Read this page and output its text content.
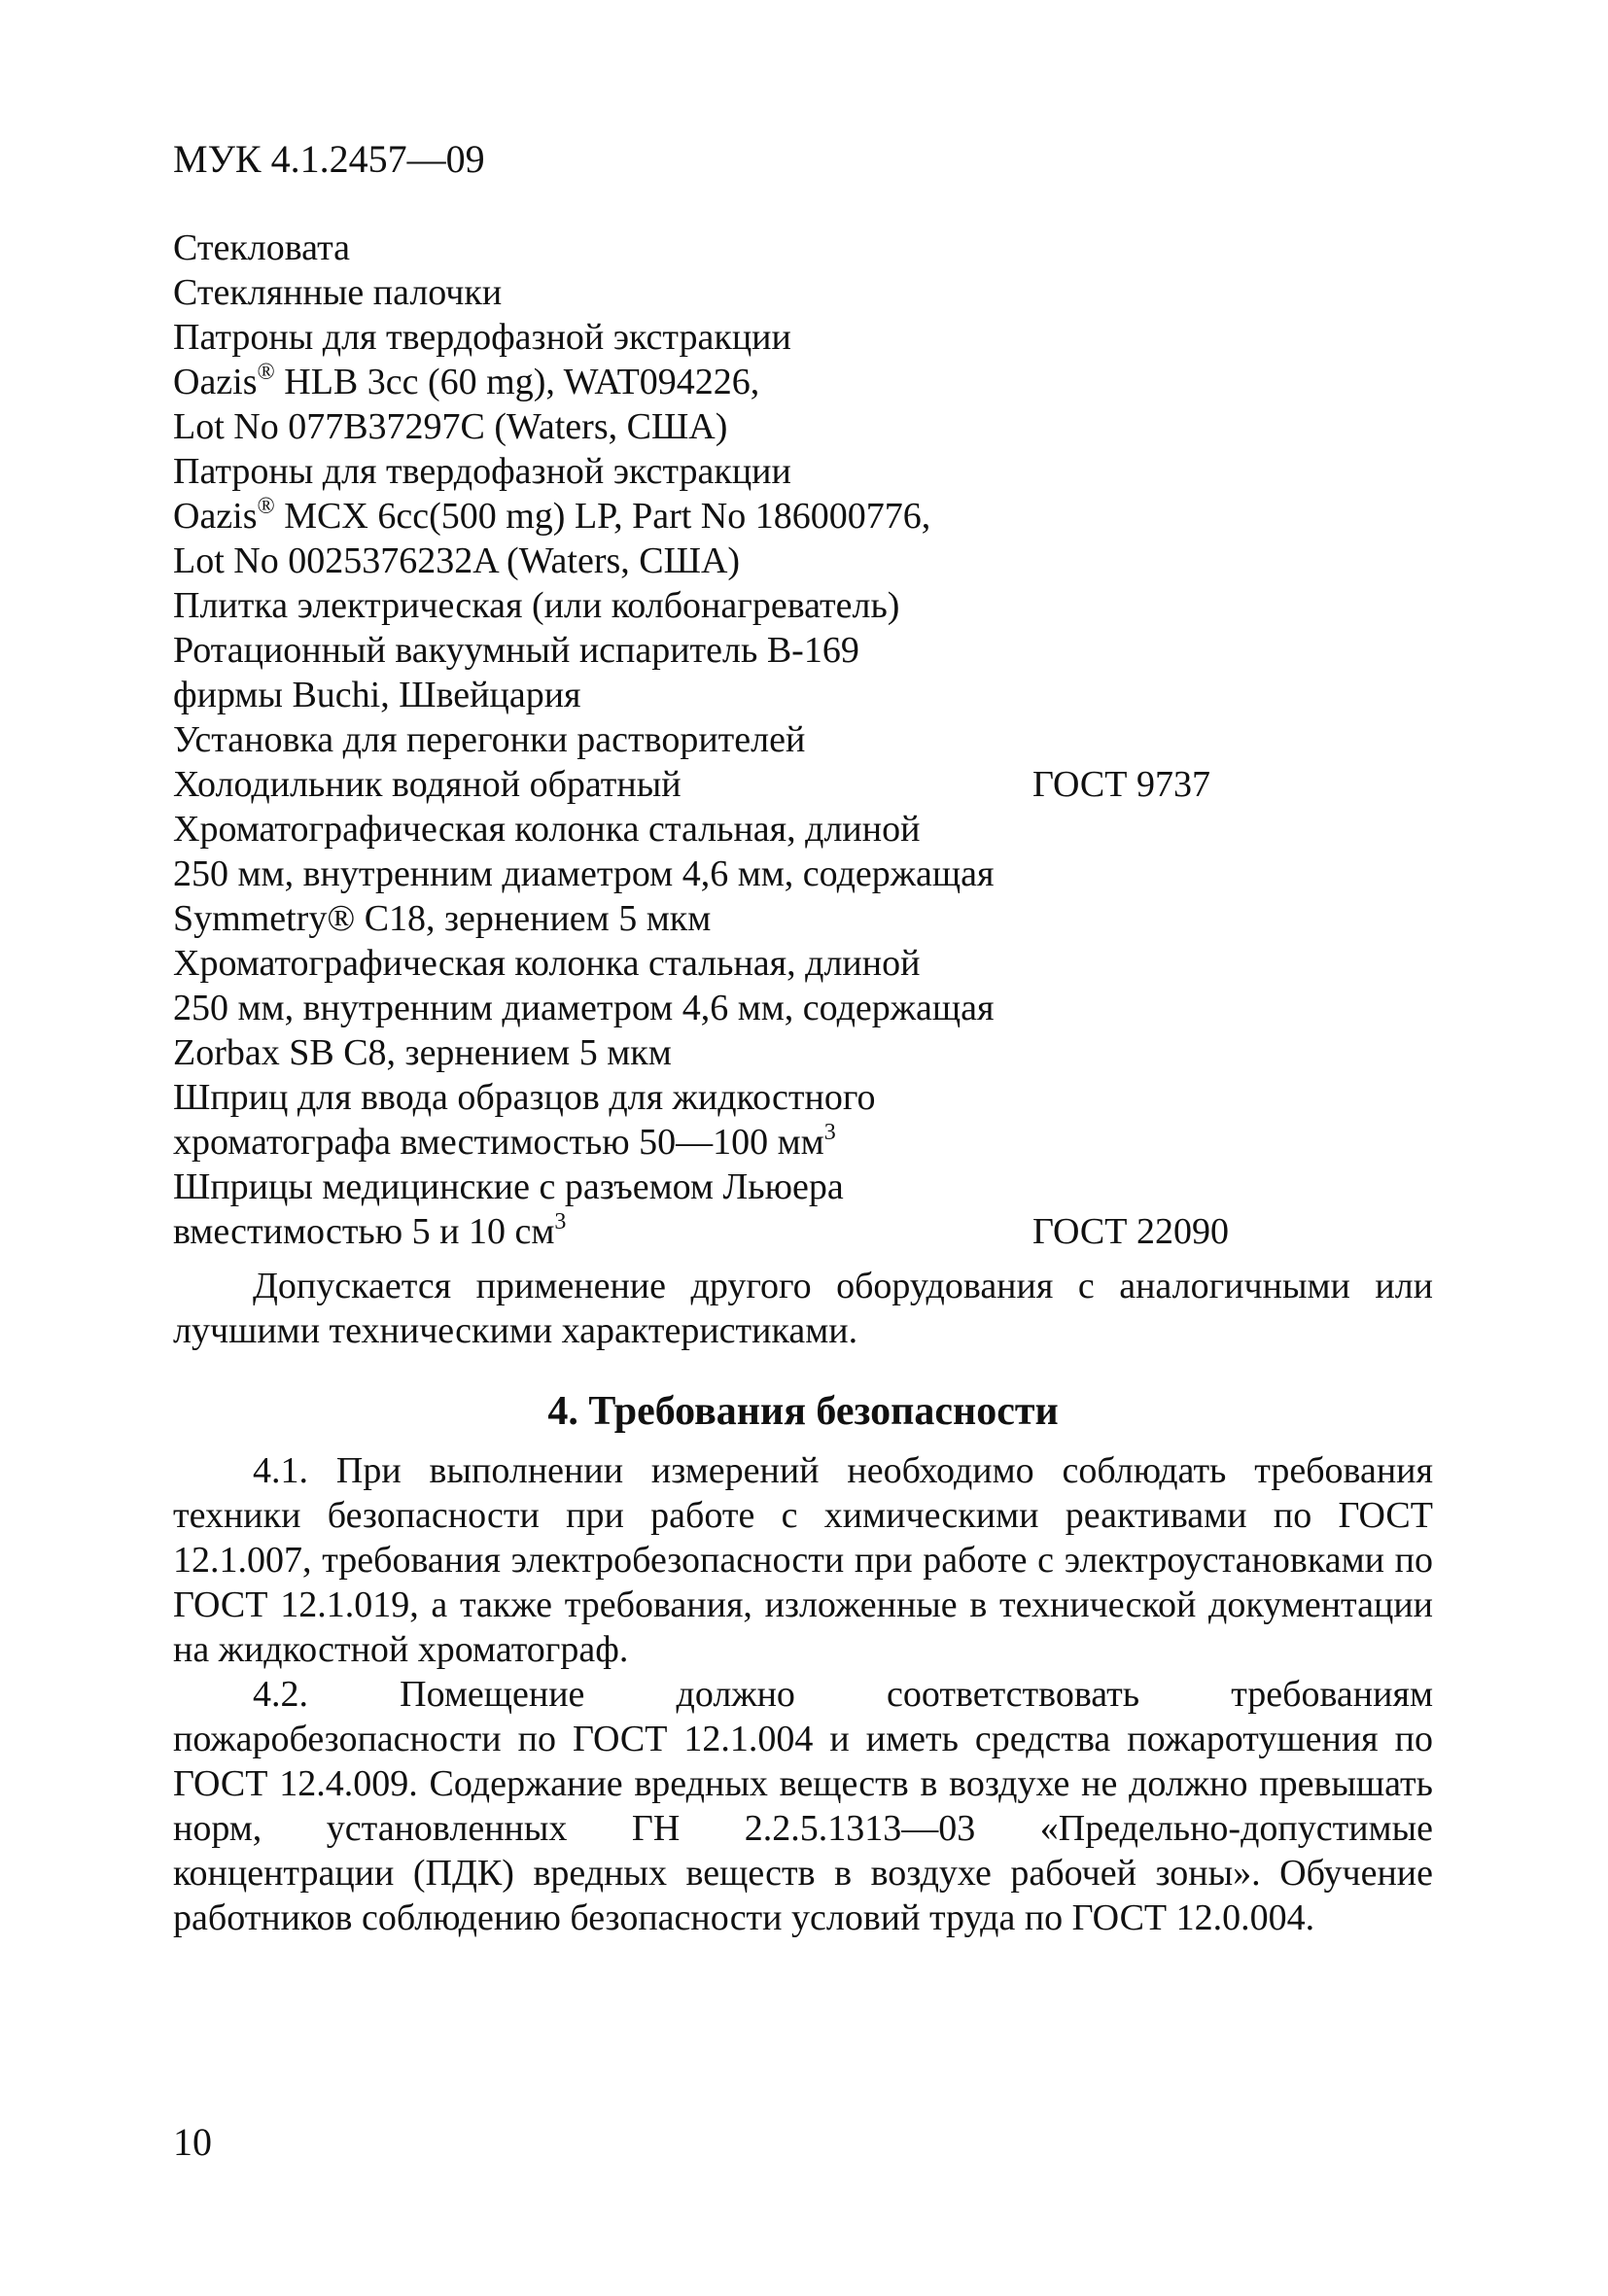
МУК 4.1.2457—09
Стекловата
Стеклянные палочки
Патроны для твердофазной экстракции
Oazis® HLB 3cc (60 mg), WAT094226,
Lot No 077B37297C (Waters, США)
Патроны для твердофазной экстракции
Oazis® MCX 6cc(500 mg) LP, Part No 186000776,
Lot No 0025376232A (Waters, США)
Плитка электрическая (или колбонагреватель)
Ротационный вакуумный испаритель В-169
фирмы Buchi, Швейцария
Установка для перегонки растворителей
Холодильник водяной обратный	ГОСТ 9737
Хроматографическая колонка стальная, длиной
250 мм, внутренним диаметром 4,6 мм, содержащая
Symmetry® С18, зернением 5 мкм
Хроматографическая колонка стальная, длиной
250 мм, внутренним диаметром 4,6 мм, содержащая
Zorbax SB С8, зернением 5 мкм
Шприц для ввода образцов для жидкостного
хроматографа вместимостью 50—100 $мм^3$
Шприцы медицинские с разъемом Льюера
вместимостью 5 и 10 $см^3$	ГОСТ 22090

Допускается применение другого оборудования с аналогичными или лучшими техническими характеристиками.

4. Требования безопасности

4.1. При выполнении измерений необходимо соблюдать требования техники безопасности при работе с химическими реактивами по ГОСТ 12.1.007, требования электробезопасности при работе с электроустановками по ГОСТ 12.1.019, а также требования, изложенные в технической документации на жидкостной хроматограф.

4.2. Помещение должно соответствовать требованиям пожаробезопасности по ГОСТ 12.1.004 и иметь средства пожаротушения по ГОСТ 12.4.009. Содержание вредных веществ в воздухе не должно превышать норм, установленных ГН 2.2.5.1313—03 «Предельно-допустимые концентрации (ПДК) вредных веществ в воздухе рабочей зоны». Обучение работников соблюдению безопасности условий труда по ГОСТ 12.0.004.

10
